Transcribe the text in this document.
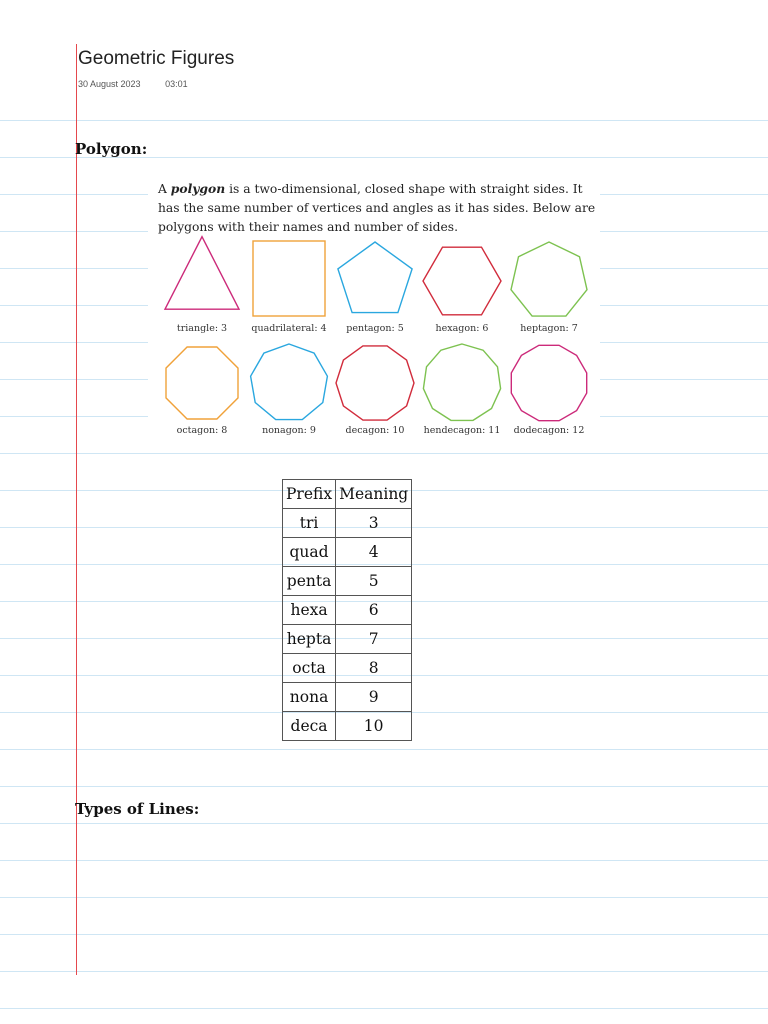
Geometric Figures
30 August 2023	03:01
Polygon:
A polygon is a two-dimensional, closed shape with straight sides. It has the same number of vertices and angles as it has sides. Below are polygons with their names and number of sides.
triangle: 3	quadrilateral: 4 pentagon: 5	hexagon: 6	heptagon: 7
octagon: 8	nonagon: 9	decagon: 10 hendecagon: 11 dodecagon: 12
Prefix	Meaning
tri	3
quad	4
penta	5
hexa	6
hepta	7
octa	8
nona	9
deca	10
Types of Lines:
